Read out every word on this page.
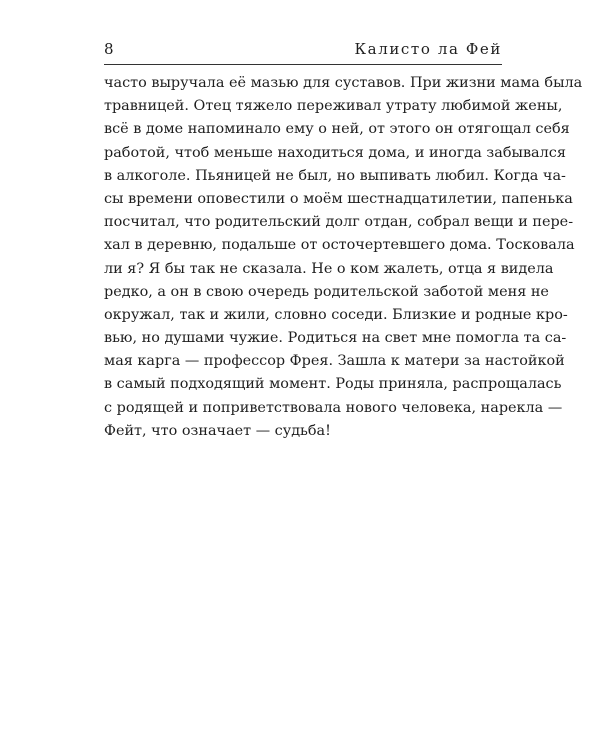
8	Калисто ла Фей
часто выручала её мазью для суставов. При жизни мама была
травницей. Отец тяжело переживал утрату любимой жены,
всё в доме напоминало ему о ней, от этого он отягощал себя
работой, чтоб меньше находиться дома, и иногда забывался
в алкоголе. Пьяницей не был, но выпивать любил. Когда ча-
сы времени оповестили о моём шестнадцатилетии, папенька
посчитал, что родительский долг отдан, собрал вещи и пере-
хал в деревню, подальше от осточертевшего дома. Тосковала
ли я? Я бы так не сказала. Не о ком жалеть, отца я видела
редко, а он в свою очередь родительской заботой меня не
окружал, так и жили, словно соседи. Близкие и родные кро-
вью, но душами чужие. Родиться на свет мне помогла та са-
мая карга — профессор Фрея. Зашла к матери за настойкой
в самый подходящий момент. Роды приняла, распрощалась
с родящей и поприветствовала нового человека, нарекла —
Фейт, что означает — судьба!
